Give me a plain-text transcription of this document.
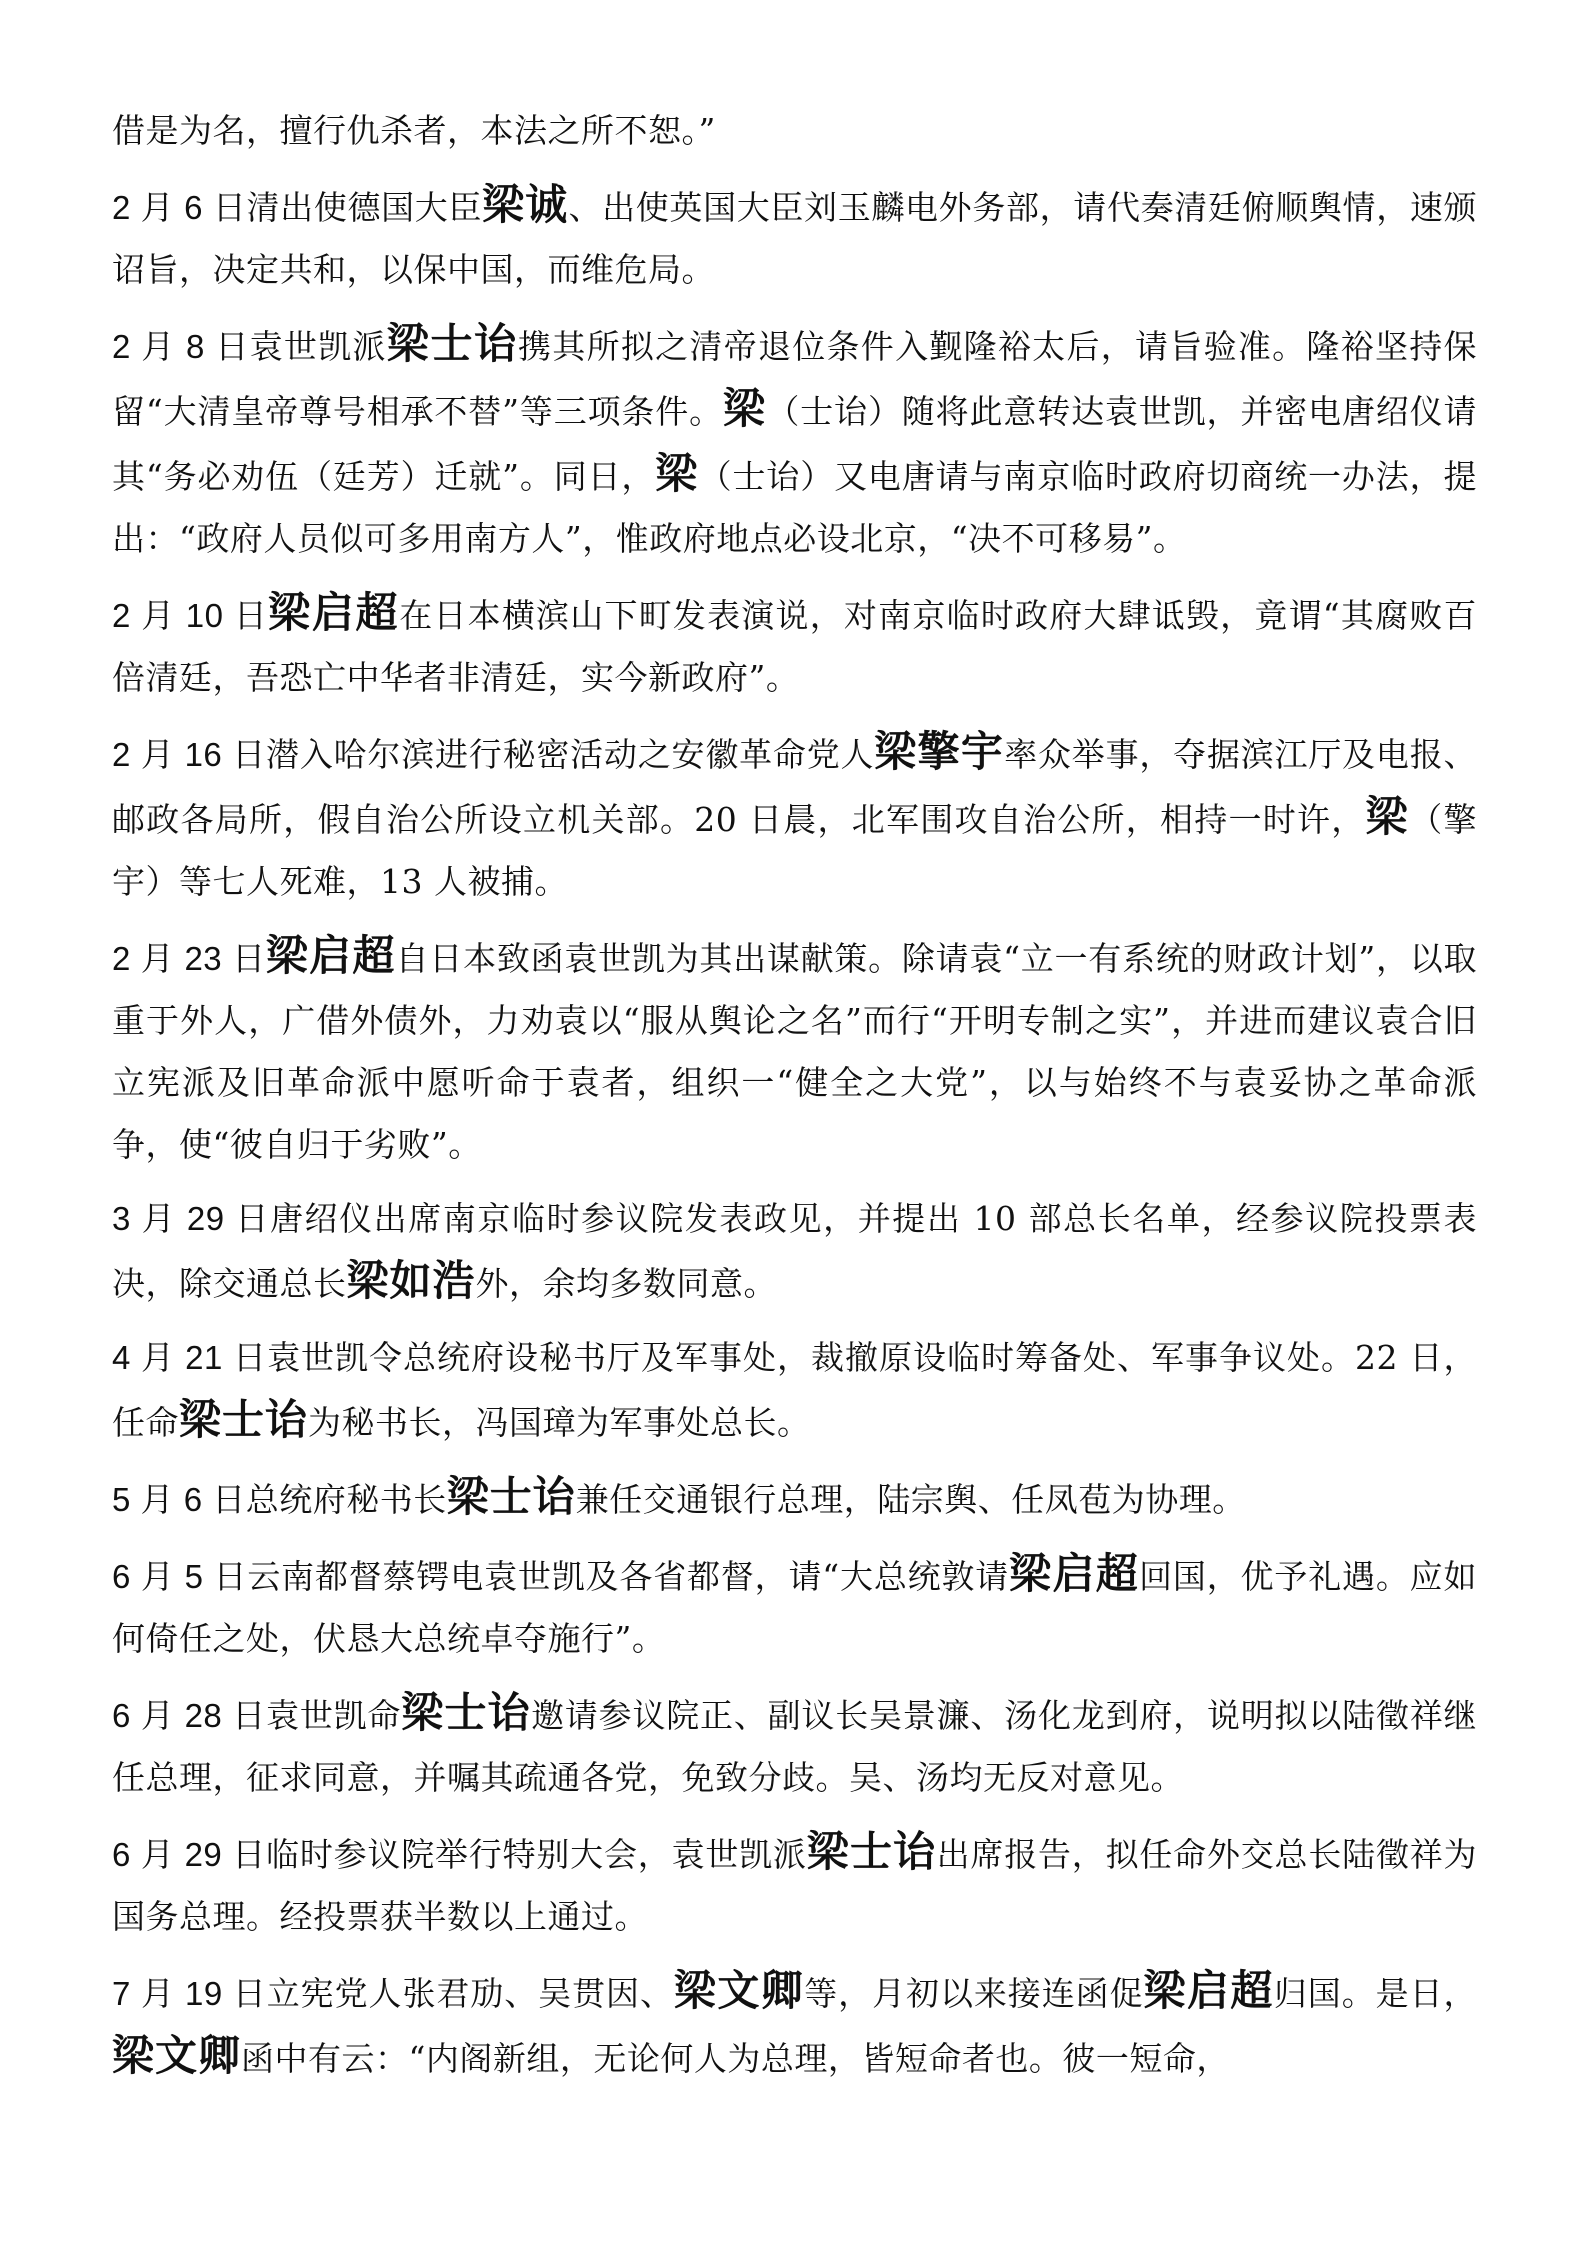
借是为名，擅行仇杀者，本法之所不恕。”

2 月 6 日清出使德国大臣梁诚、出使英国大臣刘玉麟电外务部，请代奏清廷俯顺舆情，速颁诏旨，决定共和，以保中国，而维危局。

2 月 8 日袁世凯派梁士诒携其所拟之清帝退位条件入觐隆裕太后，请旨验准。隆裕坚持保留“大清皇帝尊号相承不替”等三项条件。梁（士诒）随将此意转达袁世凯，并密电唐绍仪请其“务必劝伍（廷芳）迁就”。同日，梁（士诒）又电唐请与南京临时政府切商统一办法，提出：“政府人员似可多用南方人”，惟政府地点必设北京，“决不可移易”。

2 月 10 日梁启超在日本横滨山下町发表演说，对南京临时政府大肆诋毁，竟谓“其腐败百倍清廷，吾恐亡中华者非清廷，实今新政府”。

2 月 16 日潜入哈尔滨进行秘密活动之安徽革命党人梁擎宇率众举事，夺据滨江厅及电报、邮政各局所，假自治公所设立机关部。20 日晨，北军围攻自治公所，相持一时许，梁（擎宇）等七人死难，13 人被捕。

2 月 23 日梁启超自日本致函袁世凯为其出谋献策。除请袁“立一有系统的财政计划”，以取重于外人，广借外债外，力劝袁以“服从舆论之名”而行“开明专制之实”，并进而建议袁合旧立宪派及旧革命派中愿听命于袁者，组织一“健全之大党”，以与始终不与袁妥协之革命派争，使“彼自归于劣败”。

3 月 29 日唐绍仪出席南京临时参议院发表政见，并提出 10 部总长名单，经参议院投票表决，除交通总长梁如浩外，余均多数同意。

4 月 21 日袁世凯令总统府设秘书厅及军事处，裁撤原设临时筹备处、军事争议处。22 日，任命梁士诒为秘书长，冯国璋为军事处总长。

5 月 6 日总统府秘书长梁士诒兼任交通银行总理，陆宗舆、任凤苞为协理。

6 月 5 日云南都督蔡锷电袁世凯及各省都督，请“大总统敦请梁启超回国，优予礼遇。应如何倚任之处，伏恳大总统卓夺施行”。

6 月 28 日袁世凯命梁士诒邀请参议院正、副议长吴景濂、汤化龙到府，说明拟以陆徵祥继任总理，征求同意，并嘱其疏通各党，免致分歧。吴、汤均无反对意见。

6 月 29 日临时参议院举行特别大会，袁世凯派梁士诒出席报告，拟任命外交总长陆徵祥为国务总理。经投票获半数以上通过。

7 月 19 日立宪党人张君劢、吴贯因、梁文卿等，月初以来接连函促梁启超归国。是日，梁文卿函中有云：“内阁新组，无论何人为总理，皆短命者也。彼一短命，
